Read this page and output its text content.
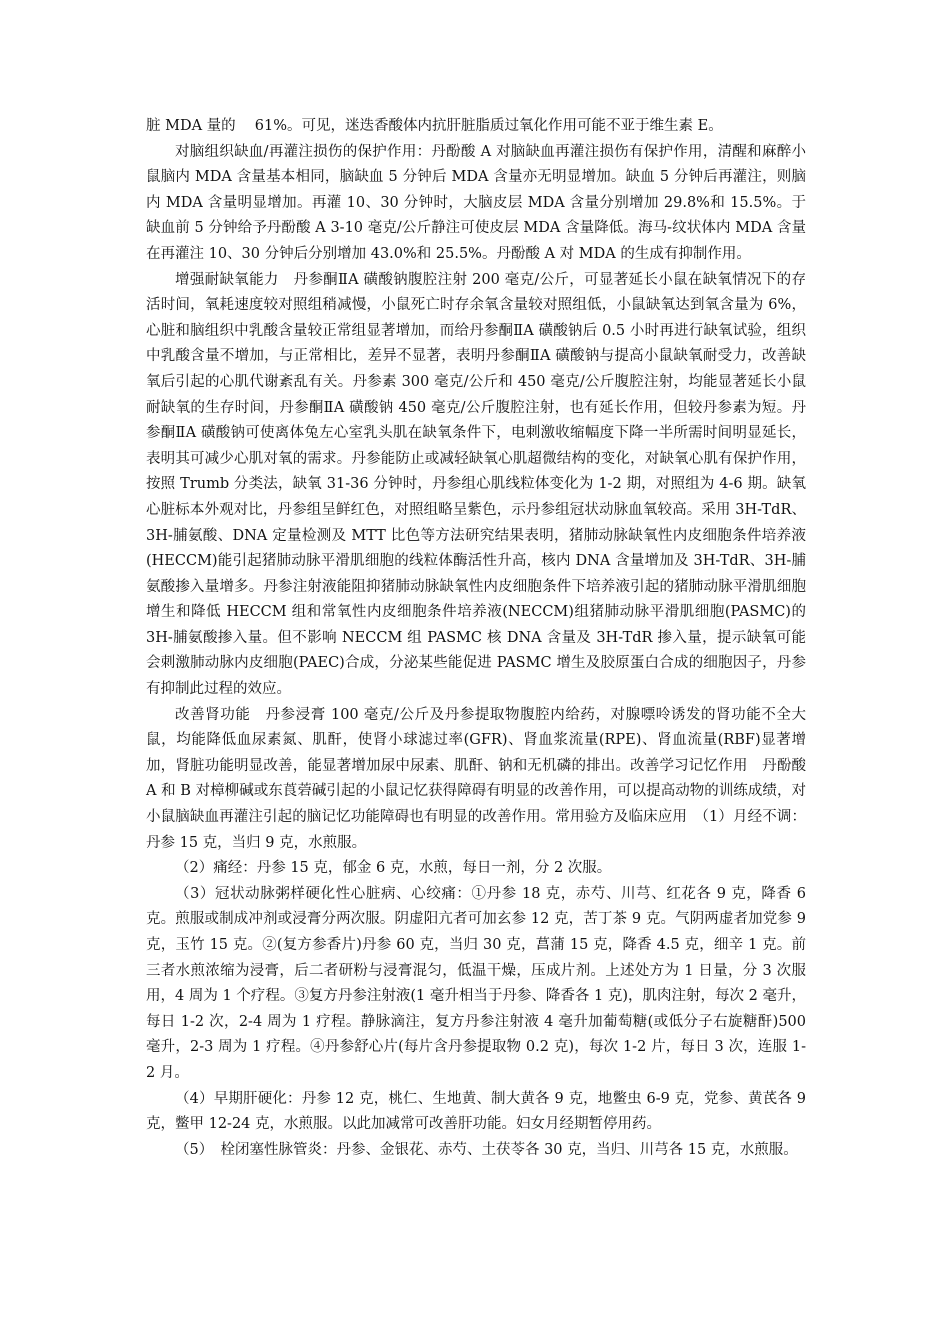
脏 MDA 量的　 61%。可见，迷迭香酸体内抗肝脏脂质过氧化作用可能不亚于维生素 E。

对脑组织缺血/再灌注损伤的保护作用：丹酚酸 A 对脑缺血再灌注损伤有保护作用，清醒和麻醉小鼠脑内 MDA 含量基本相同，脑缺血 5 分钟后 MDA 含量亦无明显增加。缺血 5 分钟后再灌注，则脑内 MDA 含量明显增加。再灌 10、30 分钟时，大脑皮层 MDA 含量分别增加 29.8%和 15.5%。于缺血前 5 分钟给予丹酚酸 A 3-10 毫克/公斤静注可使皮层 MDA 含量降低。海马-纹状体内 MDA 含量在再灌注 10、30 分钟后分别增加 43.0%和 25.5%。丹酚酸 A 对 MDA 的生成有抑制作用。

增强耐缺氧能力　丹参酮ⅡA 磺酸钠腹腔注射 200 毫克/公斤，可显著延长小鼠在缺氧情况下的存活时间，氧耗速度较对照组稍减慢，小鼠死亡时存余氧含量较对照组低，小鼠缺氧达到氧含量为 6%，心脏和脑组织中乳酸含量较正常组显著增加，而给丹参酮ⅡA 磺酸钠后 0.5 小时再进行缺氧试验，组织中乳酸含量不增加，与正常相比，差异不显著，表明丹参酮ⅡA 磺酸钠与提高小鼠缺氧耐受力，改善缺氧后引起的心肌代谢紊乱有关。丹参素 300 毫克/公斤和 450 毫克/公斤腹腔注射，均能显著延长小鼠耐缺氧的生存时间，丹参酮ⅡA 磺酸钠 450 毫克/公斤腹腔注射，也有延长作用，但较丹参素为短。丹参酮ⅡA 磺酸钠可使离体兔左心室乳头肌在缺氧条件下，电刺激收缩幅度下降一半所需时间明显延长，表明其可减少心肌对氧的需求。丹参能防止或减轻缺氧心肌超微结构的变化，对缺氧心肌有保护作用，按照 Trumb 分类法，缺氧 31-36 分钟时，丹参组心肌线粒体变化为 1-2 期，对照组为 4-6 期。缺氧心脏标本外观对比，丹参组呈鲜红色，对照组略呈紫色，示丹参组冠状动脉血氧较高。采用 3H-TdR、3H-脯氨酸、DNA 定量检测及 MTT 比色等方法研究结果表明，猪肺动脉缺氧性内皮细胞条件培养液(HECCM)能引起猪肺动脉平滑肌细胞的线粒体酶活性升高，核内 DNA 含量增加及 3H-TdR、3H-脯氨酸掺入量增多。丹参注射液能阻抑猪肺动脉缺氧性内皮细胞条件下培养液引起的猪肺动脉平滑肌细胞增生和降低 HECCM 组和常氧性内皮细胞条件培养液(NECCM)组猪肺动脉平滑肌细胞(PASMC)的 3H-脯氨酸掺入量。但不影响 NECCM 组 PASMC 核 DNA 含量及 3H-TdR 掺入量，提示缺氧可能会刺激肺动脉内皮细胞(PAEC)合成，分泌某些能促进 PASMC 增生及胶原蛋白合成的细胞因子，丹参有抑制此过程的效应。

改善肾功能　丹参浸膏 100 毫克/公斤及丹参提取物腹腔内给药，对腺嘌呤诱发的肾功能不全大鼠，均能降低血尿素氮、肌酐，使肾小球滤过率(GFR)、肾血浆流量(RPE)、肾血流量(RBF)显著增加，肾脏功能明显改善，能显著增加尿中尿素、肌酐、钠和无机磷的排出。改善学习记忆作用　丹酚酸 A 和 B 对樟柳碱或东莨菪碱引起的小鼠记忆获得障碍有明显的改善作用，可以提高动物的训练成绩，对小鼠脑缺血再灌注引起的脑记忆功能障碍也有明显的改善作用。常用验方及临床应用　（1）月经不调：丹参 15 克，当归 9 克，水煎服。

（2）痛经：丹参 15 克，郁金 6 克，水煎，每日一剂，分 2 次服。

（3）冠状动脉粥样硬化性心脏病、心绞痛：①丹参 18 克，赤芍、川芎、红花各 9 克，降香 6 克。煎服或制成冲剂或浸膏分两次服。阴虚阳亢者可加玄参 12 克，苦丁茶 9 克。气阴两虚者加党参 9 克，玉竹 15 克。②(复方参香片)丹参 60 克，当归 30 克，菖蒲 15 克，降香 4.5 克，细辛 1 克。前三者水煎浓缩为浸膏，后二者研粉与浸膏混匀，低温干燥，压成片剂。上述处方为 1 日量，分 3 次服用，4 周为 1 个疗程。③复方丹参注射液(1 毫升相当于丹参、降香各 1 克)，肌肉注射，每次 2 毫升，每日 1-2 次，2-4 周为 1 疗程。静脉滴注，复方丹参注射液 4 毫升加葡萄糖(或低分子右旋糖酐)500 毫升，2-3 周为 1 疗程。④丹参舒心片(每片含丹参提取物 0.2 克)，每次 1-2 片，每日 3 次，连服 1-2 月。

（4）早期肝硬化：丹参 12 克，桃仁、生地黄、制大黄各 9 克，地鳖虫 6-9 克，党参、黄芪各 9 克，鳖甲 12-24 克，水煎服。以此加减常可改善肝功能。妇女月经期暂停用药。

（5）　栓闭塞性脉管炎：丹参、金银花、赤芍、土茯苓各 30 克，当归、川芎各 15 克，水煎服。
